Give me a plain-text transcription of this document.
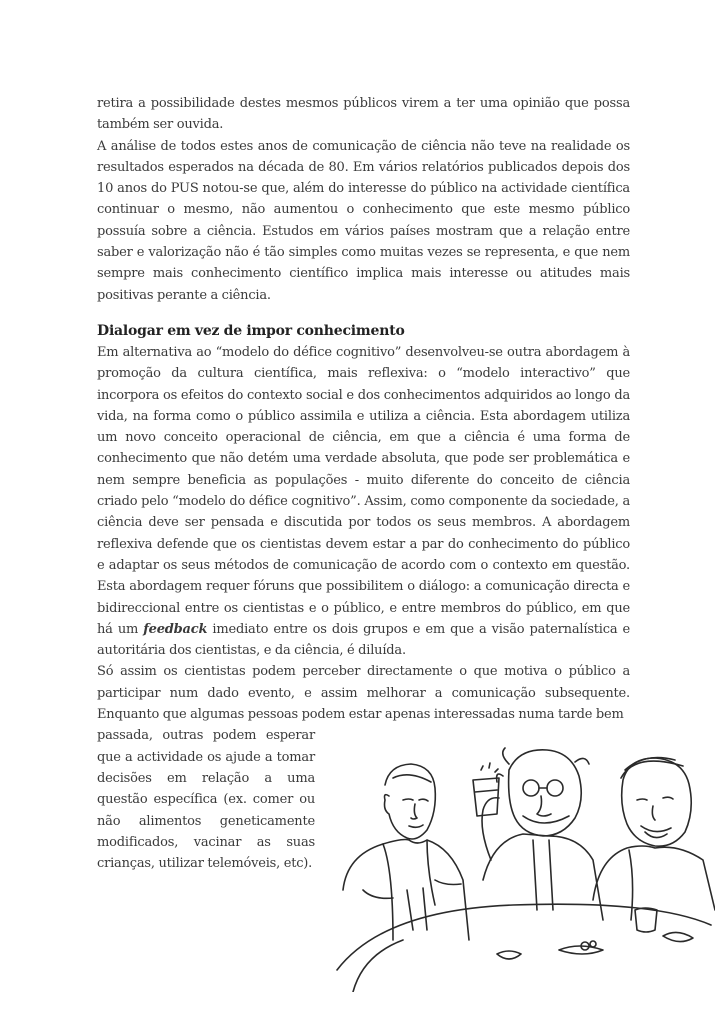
retira a possibilidade destes mesmos públicos virem a ter uma opinião que possa também ser ouvida.

A análise de todos estes anos de comunicação de ciência não teve na realidade os resultados esperados na década de 80. Em vários relatórios publicados depois dos 10 anos do PUS notou-se que, além do interesse do público na actividade científica continuar o mesmo, não aumentou o conhecimento que este mesmo público possuía sobre a ciência. Estudos em vários países mostram que a relação entre saber e valorização não é tão simples como muitas vezes se representa, e que nem sempre mais conhecimento científico implica mais interesse ou atitudes mais positivas perante a ciência.

Dialogar em vez de impor conhecimento

Em alternativa ao “modelo do défice cognitivo” desenvolveu-se outra abordagem à promoção da cultura científica, mais reflexiva: o “modelo interactivo” que incorpora os efeitos do contexto social e dos conhecimentos adquiridos ao longo da vida, na forma como o público assimila e utiliza a ciência. Esta abordagem utiliza um novo conceito operacional de ciência, em que a ciência é uma forma de conhecimento que não detém uma verdade absoluta, que pode ser problemática e nem sempre beneficia as populações - muito diferente do conceito de ciência criado pelo “modelo do défice cognitivo”. Assim, como componente da sociedade, a ciência deve ser pensada e discutida por todos os seus membros. A abordagem reflexiva defende que os cientistas devem estar a par do conhecimento do público e adaptar os seus métodos de comunicação de acordo com o contexto em questão. Esta abordagem requer fóruns que possibilitem o diálogo: a comunicação directa e bidireccional entre os cientistas e o público, e entre membros do público, em que há um feedback imediato entre os dois grupos e em que a visão paternalística e autoritária dos cientistas, e da ciência, é diluída.

Só assim os cientistas podem perceber directamente o que motiva o público a participar num dado evento, e assim melhorar a comunicação subsequente. Enquanto que algumas pessoas podem estar apenas interessadas numa tarde bem

passada, outras podem esperar que a actividade os ajude a tomar decisões em relação a uma questão específica (ex. comer ou não alimentos geneticamente modificados, vacinar as suas crianças, utilizar telemóveis, etc).
